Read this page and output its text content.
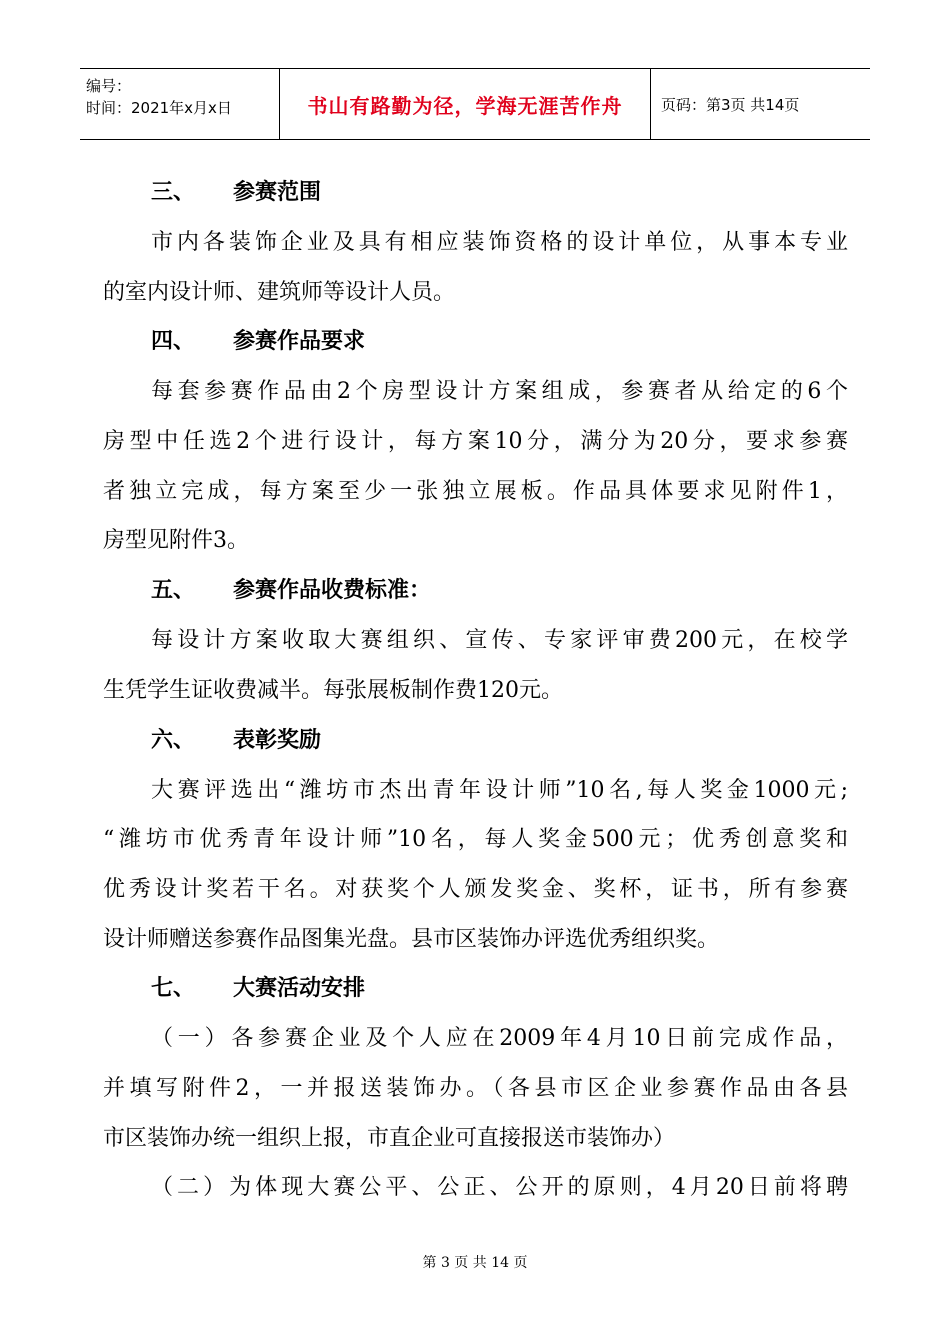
编号：
时间：2021年x月x日	书山有路勤为径，学海无涯苦作舟	页码：第3页 共14页
三、	参赛范围
市内各装饰企业及具有相应装饰资格的设计单位，从事本专业
的室内设计师、建筑师等设计人员。
四、	参赛作品要求
每套参赛作品由2个房型设计方案组成，参赛者从给定的6个
房型中任选2个进行设计，每方案10分，满分为20分，要求参赛
者独立完成，每方案至少一张独立展板。作品具体要求见附件1，
房型见附件3。
五、	参赛作品收费标准：
每设计方案收取大赛组织、宣传、专家评审费200元，在校学
生凭学生证收费减半。每张展板制作费120元。
六、	表彰奖励
大赛评选出“潍坊市杰出青年设计师”10名,每人奖金1000元;
“潍坊市优秀青年设计师”10名，每人奖金500元；优秀创意奖和
优秀设计奖若干名。对获奖个人颁发奖金、奖杯，证书，所有参赛
设计师赠送参赛作品图集光盘。县市区装饰办评选优秀组织奖。
七、	大赛活动安排
（一）各参赛企业及个人应在2009年4月10日前完成作品，
并填写附件2，一并报送装饰办。（各县市区企业参赛作品由各县
市区装饰办统一组织上报，市直企业可直接报送市装饰办）
（二）为体现大赛公平、公正、公开的原则，4月20日前将聘
第 3 页 共 14 页
